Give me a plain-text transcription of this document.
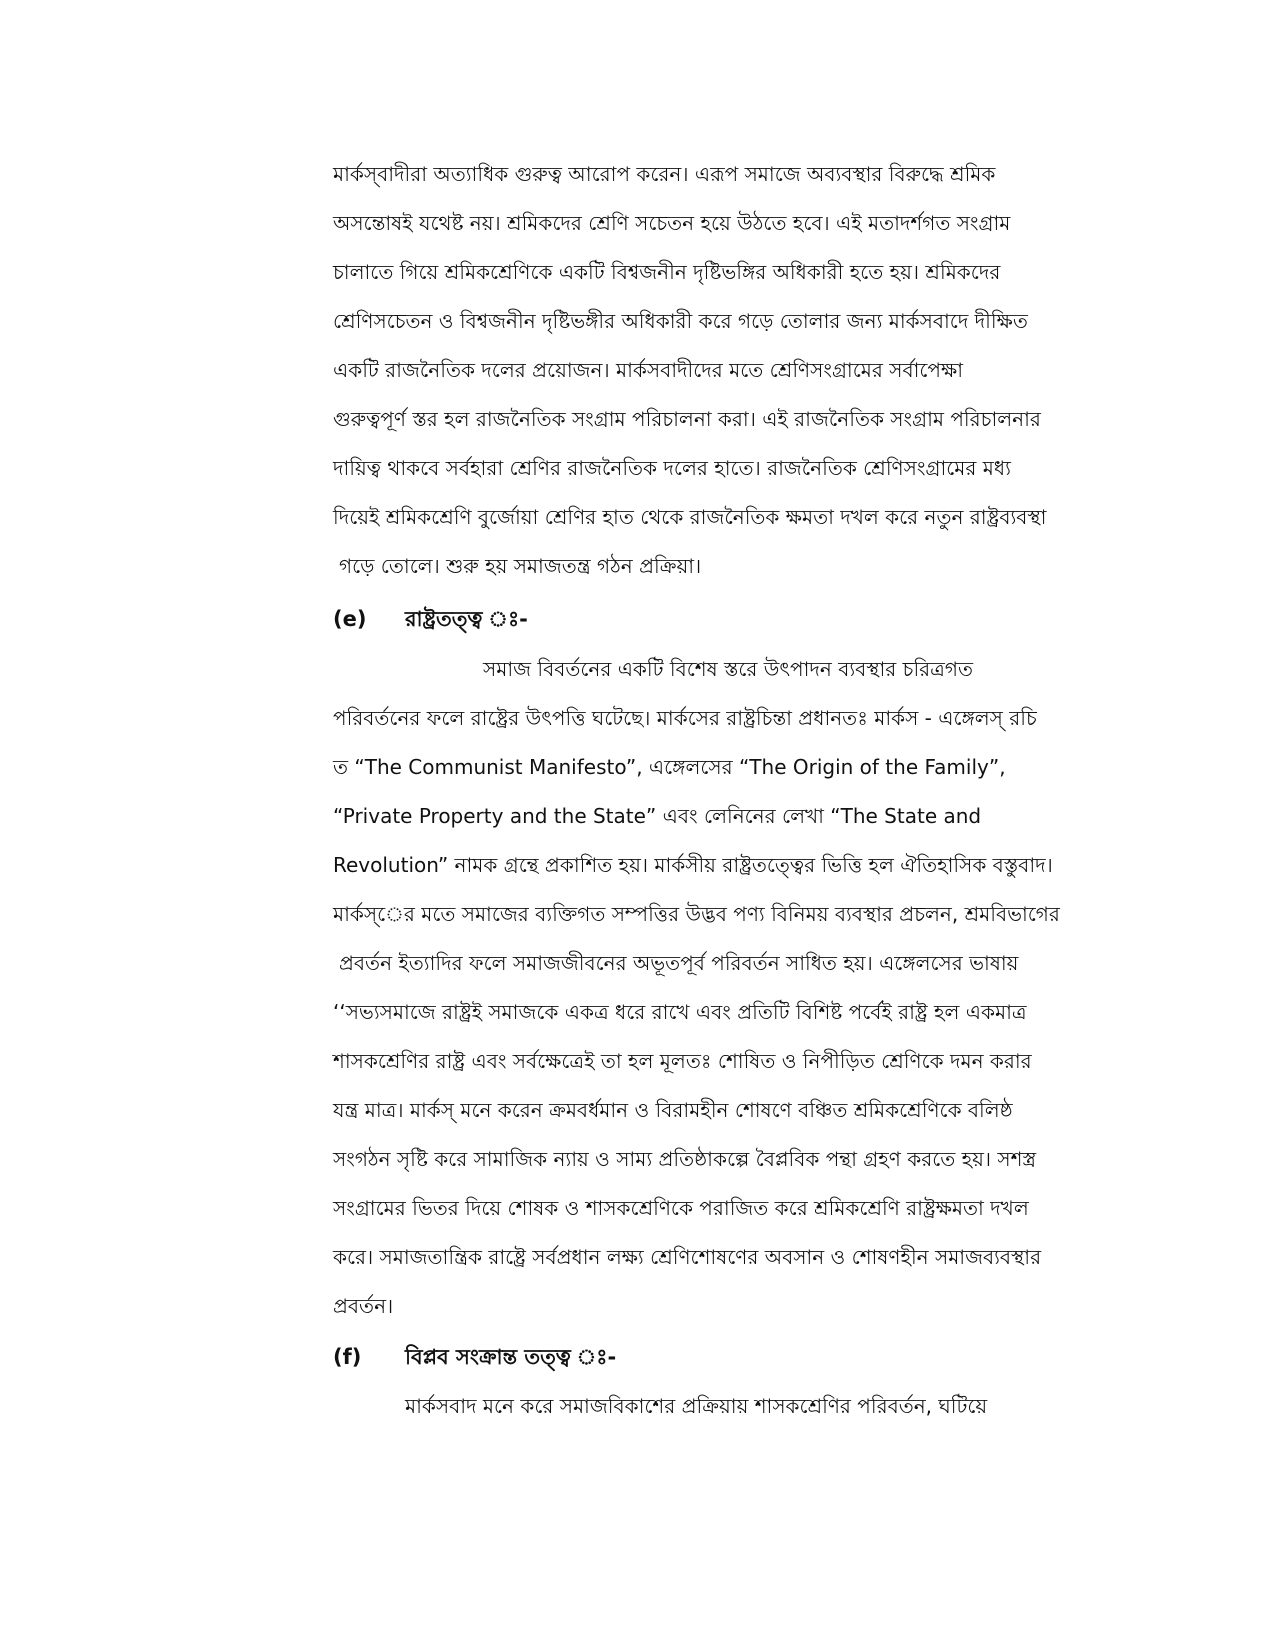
মার্কস্‌বাদীরা অত্যাধিক গুরুত্ব আরোপ করেন। এরূপ সমাজে অব্যবস্থার বিরুদ্ধে শ্রমিক
অসন্তোষই যথেষ্ট নয়। শ্রমিকদের শ্রেণি সচেতন হয়ে উঠতে হবে। এই মতাদর্শগত সংগ্রাম
চালাতে গিয়ে শ্রমিকশ্রেণিকে একটি বিশ্বজনীন দৃষ্টিভঙ্গির অধিকারী হতে হয়। শ্রমিকদের
শ্রেণিসচেতন ও বিশ্বজনীন দৃষ্টিভঙ্গীর অধিকারী করে গড়ে তোলার জন্য মার্কসবাদে দীক্ষিত
একটি রাজনৈতিক দলের প্রয়োজন। মার্কসবাদীদের মতে শ্রেণিসংগ্রামের সর্বাপেক্ষা
গুরুত্বপূর্ণ স্তর হল রাজনৈতিক সংগ্রাম পরিচালনা করা। এই রাজনৈতিক সংগ্রাম পরিচালনার
দায়িত্ব থাকবে সর্বহারা শ্রেণির রাজনৈতিক দলের হাতে। রাজনৈতিক শ্রেণিসংগ্রামের মধ্য
দিয়েই শ্রমিকশ্রেণি বুর্জোয়া শ্রেণির হাত থেকে রাজনৈতিক ক্ষমতা দখল করে নতুন রাষ্ট্রব্যবস্থা
গড়ে তোলে। শুরু হয় সমাজতন্ত্র গঠন প্রক্রিয়া।
(e) রাষ্ট্রতত্ত্ব ঃ-
সমাজ বিবর্তনের একটি বিশেষ স্তরে উৎপাদন ব্যবস্থার চরিত্রগত
পরিবর্তনের ফলে রাষ্ট্রের উৎপত্তি ঘটেছে। মার্কসের রাষ্ট্রচিন্তা প্রধানতঃ মার্কস - এঙ্গেলস্‌ রচি
ত “The Communist Manifesto”, এঙ্গেলসের “The Origin of the Family”,
“Private Property and the State” এবং লেনিনের লেখা “The State and
Revolution” নামক গ্রন্থে প্রকাশিত হয়। মার্কসীয় রাষ্ট্রতত্ত্বের ভিত্তি হল ঐতিহাসিক বস্তুবাদ।
মার্কস্‌ের মতে সমাজের ব্যক্তিগত সম্পত্তির উদ্ভব পণ্য বিনিময় ব্যবস্থার প্রচলন, শ্রমবিভাগের
প্রবর্তন ইত্যাদির ফলে সমাজজীবনের অভূতপূর্ব পরিবর্তন সাধিত হয়। এঙ্গেলসের ভাষায়
‘‘সভ্যসমাজে রাষ্ট্রই সমাজকে একত্র ধরে রাখে এবং প্রতিটি বিশিষ্ট পর্বেই রাষ্ট্র হল একমাত্র
শাসকশ্রেণির রাষ্ট্র এবং সর্বক্ষেত্রেই তা হল মূলতঃ শোষিত ও নিপীড়িত শ্রেণিকে দমন করার
যন্ত্র মাত্র। মার্কস্‌ মনে করেন ক্রমবর্ধমান ও বিরামহীন শোষণে বঞ্চিত শ্রমিকশ্রেণিকে বলিষ্ঠ
সংগঠন সৃষ্টি করে সামাজিক ন্যায় ও সাম্য প্রতিষ্ঠাকল্পে বৈপ্লবিক পন্থা গ্রহণ করতে হয়। সশস্ত্র
সংগ্রামের ভিতর দিয়ে শোষক ও শাসকশ্রেণিকে পরাজিত করে শ্রমিকশ্রেণি রাষ্ট্রক্ষমতা দখল
করে। সমাজতান্ত্রিক রাষ্ট্রে সর্বপ্রধান লক্ষ্য শ্রেণিশোষণের অবসান ও শোষণহীন সমাজব্যবস্থার
প্রবর্তন।
(f) বিপ্লব সংক্রান্ত তত্ত্ব ঃ-
মার্কসবাদ মনে করে সমাজবিকাশের প্রক্রিয়ায় শাসকশ্রেণির পরিবর্তন, ঘটিয়ে
